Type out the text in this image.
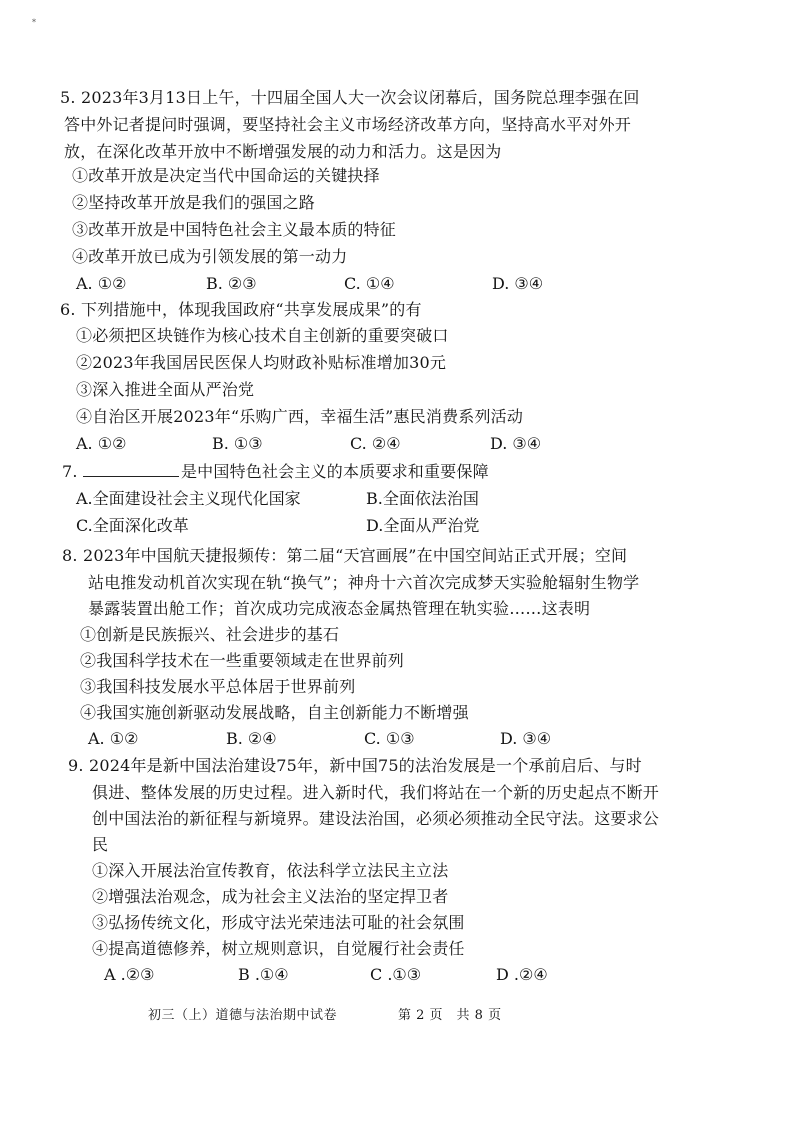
*
5. 2023年3月13日上午，十四届全国人大一次会议闭幕后，国务院总理李强在回
答中外记者提问时强调，要坚持社会主义市场经济改革方向，坚持高水平对外开
放，在深化改革开放中不断增强发展的动力和活力。这是因为
①改革开放是决定当代中国命运的关键抉择
②坚持改革开放是我们的强国之路
③改革开放是中国特色社会主义最本质的特征
④改革开放已成为引领发展的第一动力
A. ①②	B. ②③	C. ①④	D. ③④
6. 下列措施中，体现我国政府“共享发展成果”的有
①必须把区块链作为核心技术自主创新的重要突破口
②2023年我国居民医保人均财政补贴标准增加30元
③深入推进全面从严治党
④自治区开展2023年“乐购广西，幸福生活”惠民消费系列活动
A. ①②	B. ①③	C. ②④	D. ③④
7.	是中国特色社会主义的本质要求和重要保障
A.全面建设社会主义现代化国家	B.全面依法治国
C.全面深化改革	D.全面从严治党
8. 2023年中国航天捷报频传：第二届“天宫画展”在中国空间站正式开展；空间
站电推发动机首次实现在轨“换气”；神舟十六首次完成梦天实验舱辐射生物学
暴露装置出舱工作；首次成功完成液态金属热管理在轨实验……这表明
①创新是民族振兴、社会进步的基石
②我国科学技术在一些重要领域走在世界前列
③我国科技发展水平总体居于世界前列
④我国实施创新驱动发展战略，自主创新能力不断增强
A. ①②	B. ②④	C. ①③	D. ③④
9. 2024年是新中国法治建设75年，新中国75的法治发展是一个承前启后、与时
俱进、整体发展的历史过程。进入新时代，我们将站在一个新的历史起点不断开
创中国法治的新征程与新境界。建设法治国，必须必须推动全民守法。这要求公
民
①深入开展法治宣传教育，依法科学立法民主立法
②增强法治观念，成为社会主义法治的坚定捍卫者
③弘扬传统文化，形成守法光荣违法可耻的社会氛围
④提高道德修养，树立规则意识，自觉履行社会责任
A .②③	B .①④	C .①③	D .②④
初三（上）道德与法治期中试卷	第 2 页　共 8 页
